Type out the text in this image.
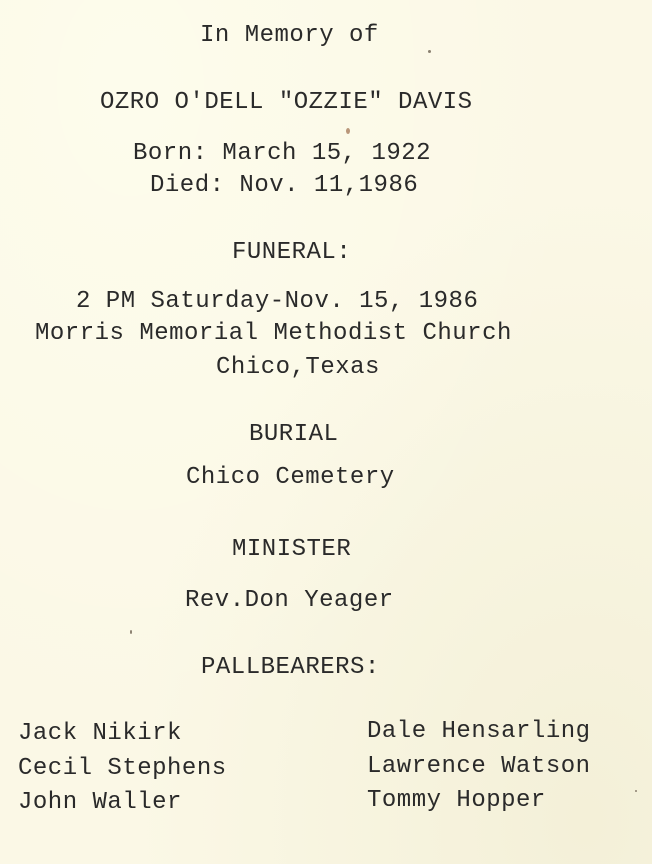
In Memory of
OZRO O'DELL "OZZIE" DAVIS
Born: March 15, 1922
Died: Nov. 11,1986
FUNERAL:
2 PM Saturday-Nov. 15, 1986
Morris Memorial Methodist Church
Chico,Texas
BURIAL
Chico Cemetery
MINISTER
Rev.Don Yeager
PALLBEARERS:
Jack Nikirk
Cecil Stephens
John Waller
Dale Hensarling
Lawrence Watson
Tommy Hopper
